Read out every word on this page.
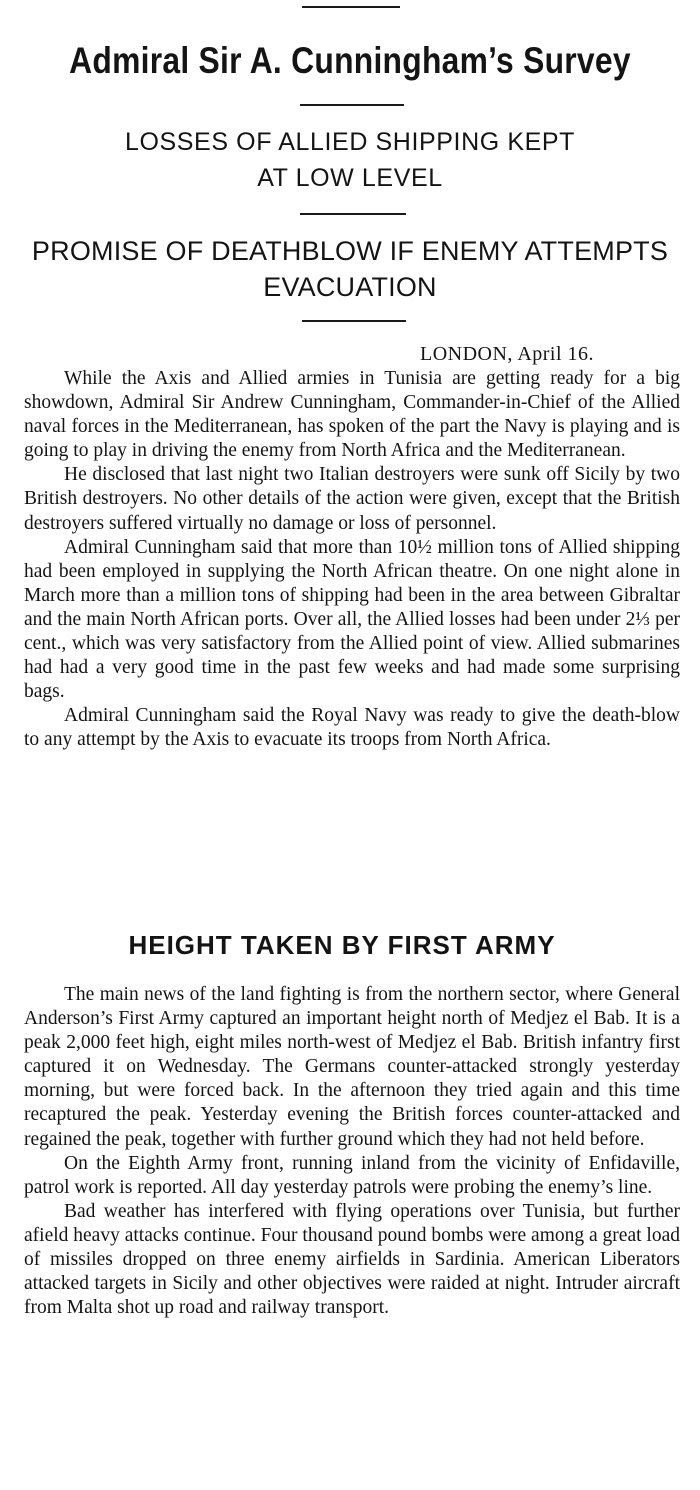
Admiral Sir A. Cunningham’s Survey
LOSSES OF ALLIED SHIPPING KEPT
AT LOW LEVEL
PROMISE OF DEATHBLOW IF ENEMY ATTEMPTS
EVACUATION
LONDON, April 16.

While the Axis and Allied armies in Tunisia are getting ready for a big showdown, Admiral Sir Andrew Cunningham, Commander-in-Chief of the Allied naval forces in the Mediterranean, has spoken of the part the Navy is playing and is going to play in driving the enemy from North Africa and the Mediterranean.

He disclosed that last night two Italian destroyers were sunk off Sicily by two British destroyers. No other details of the action were given, except that the British destroyers suffered virtually no damage or loss of personnel.

Admiral Cunningham said that more than 10½ million tons of Allied shipping had been employed in supplying the North African theatre. On one night alone in March more than a million tons of shipping had been in the area between Gibraltar and the main North African ports. Over all, the Allied losses had been under 2⅓ per cent., which was very satisfactory from the Allied point of view. Allied submarines had had a very good time in the past few weeks and had made some surprising bags.

Admiral Cunningham said the Royal Navy was ready to give the death-blow to any attempt by the Axis to evacuate its troops from North Africa.

HEIGHT TAKEN BY FIRST ARMY

The main news of the land fighting is from the northern sector, where General Anderson’s First Army captured an important height north of Medjez el Bab. It is a peak 2,000 feet high, eight miles north-west of Medjez el Bab. British infantry first captured it on Wednesday. The Germans counter-attacked strongly yesterday morning, but were forced back. In the afternoon they tried again and this time recaptured the peak. Yesterday evening the British forces counter-attacked and regained the peak, together with further ground which they had not held before.

On the Eighth Army front, running inland from the vicinity of Enfidaville, patrol work is reported. All day yesterday patrols were probing the enemy’s line.

Bad weather has interfered with flying operations over Tunisia, but further afield heavy attacks continue. Four thousand pound bombs were among a great load of missiles dropped on three enemy airfields in Sardinia. American Liberators attacked targets in Sicily and other objectives were raided at night. Intruder aircraft from Malta shot up road and railway transport.
